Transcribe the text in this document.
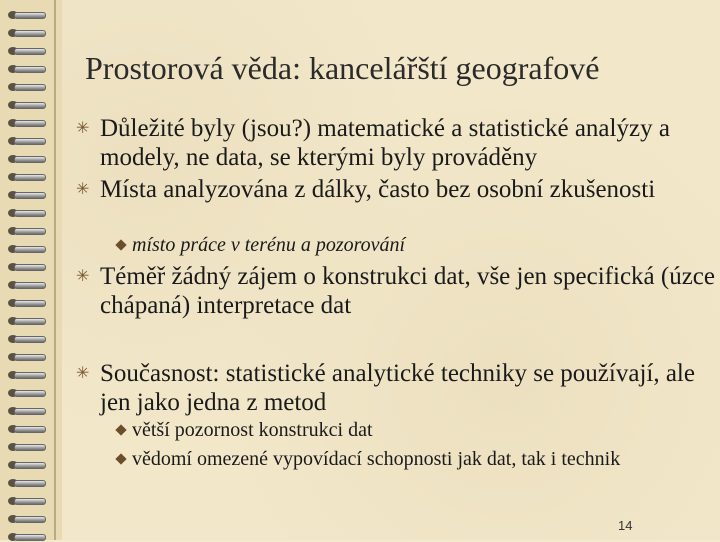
Prostorová věda: kancelářští geografové
✳ Důležité byly (jsou?) matematické a statistické analýzy a modely, ne data, se kterými byly prováděny
✳ Místa analyzována z dálky, často bez osobní zkušenosti
místo práce v terénu a pozorování
✳ Téměř žádný zájem o konstrukci dat, vše jen specifická (úzce chápaná) interpretace dat
✳ Současnost: statistické analytické techniky se používají, ale jen jako jedna z metod
větší pozornost konstrukci dat
vědomí omezené vypovídací schopnosti jak dat, tak i technik
14
